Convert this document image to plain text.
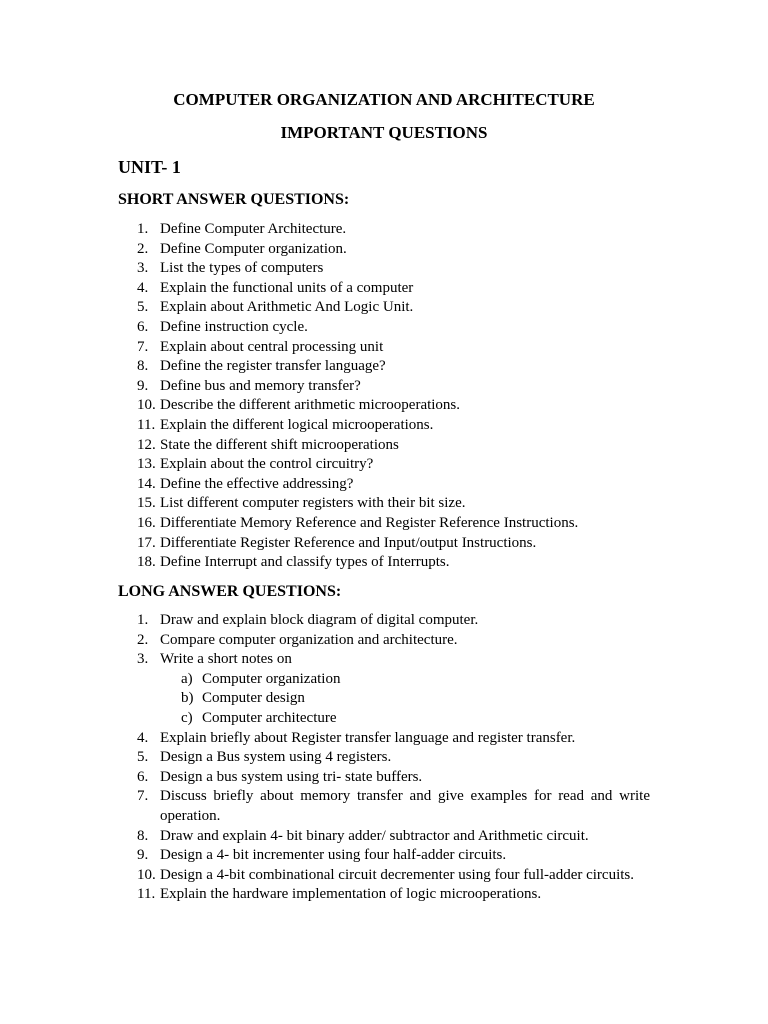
COMPUTER ORGANIZATION AND ARCHITECTURE
IMPORTANT QUESTIONS
UNIT- 1
SHORT ANSWER QUESTIONS:
1. Define Computer Architecture.
2. Define Computer organization.
3. List the types of computers
4. Explain the functional units of a computer
5. Explain about Arithmetic And Logic Unit.
6. Define instruction cycle.
7. Explain about central processing unit
8. Define the register transfer language?
9. Define bus and memory transfer?
10. Describe the different arithmetic microoperations.
11. Explain the different logical microoperations.
12. State the different shift microoperations
13. Explain about the control circuitry?
14. Define the effective addressing?
15. List different computer registers with their bit size.
16. Differentiate Memory Reference and Register Reference Instructions.
17. Differentiate Register Reference and Input/output Instructions.
18. Define Interrupt and classify types of Interrupts.
LONG ANSWER QUESTIONS:
1. Draw and explain block diagram of digital computer.
2. Compare computer organization and architecture.
3. Write a short notes on
a) Computer organization
b) Computer design
c) Computer architecture
4. Explain briefly about Register transfer language and register transfer.
5. Design a Bus system using 4 registers.
6. Design a bus system using tri- state buffers.
7. Discuss briefly about memory transfer and give examples for read and write operation.
8. Draw and explain 4- bit binary adder/ subtractor and Arithmetic circuit.
9. Design a 4- bit incrementer using four half-adder circuits.
10. Design a 4-bit combinational circuit decrementer using four full-adder circuits.
11. Explain the hardware implementation of logic microoperations.
